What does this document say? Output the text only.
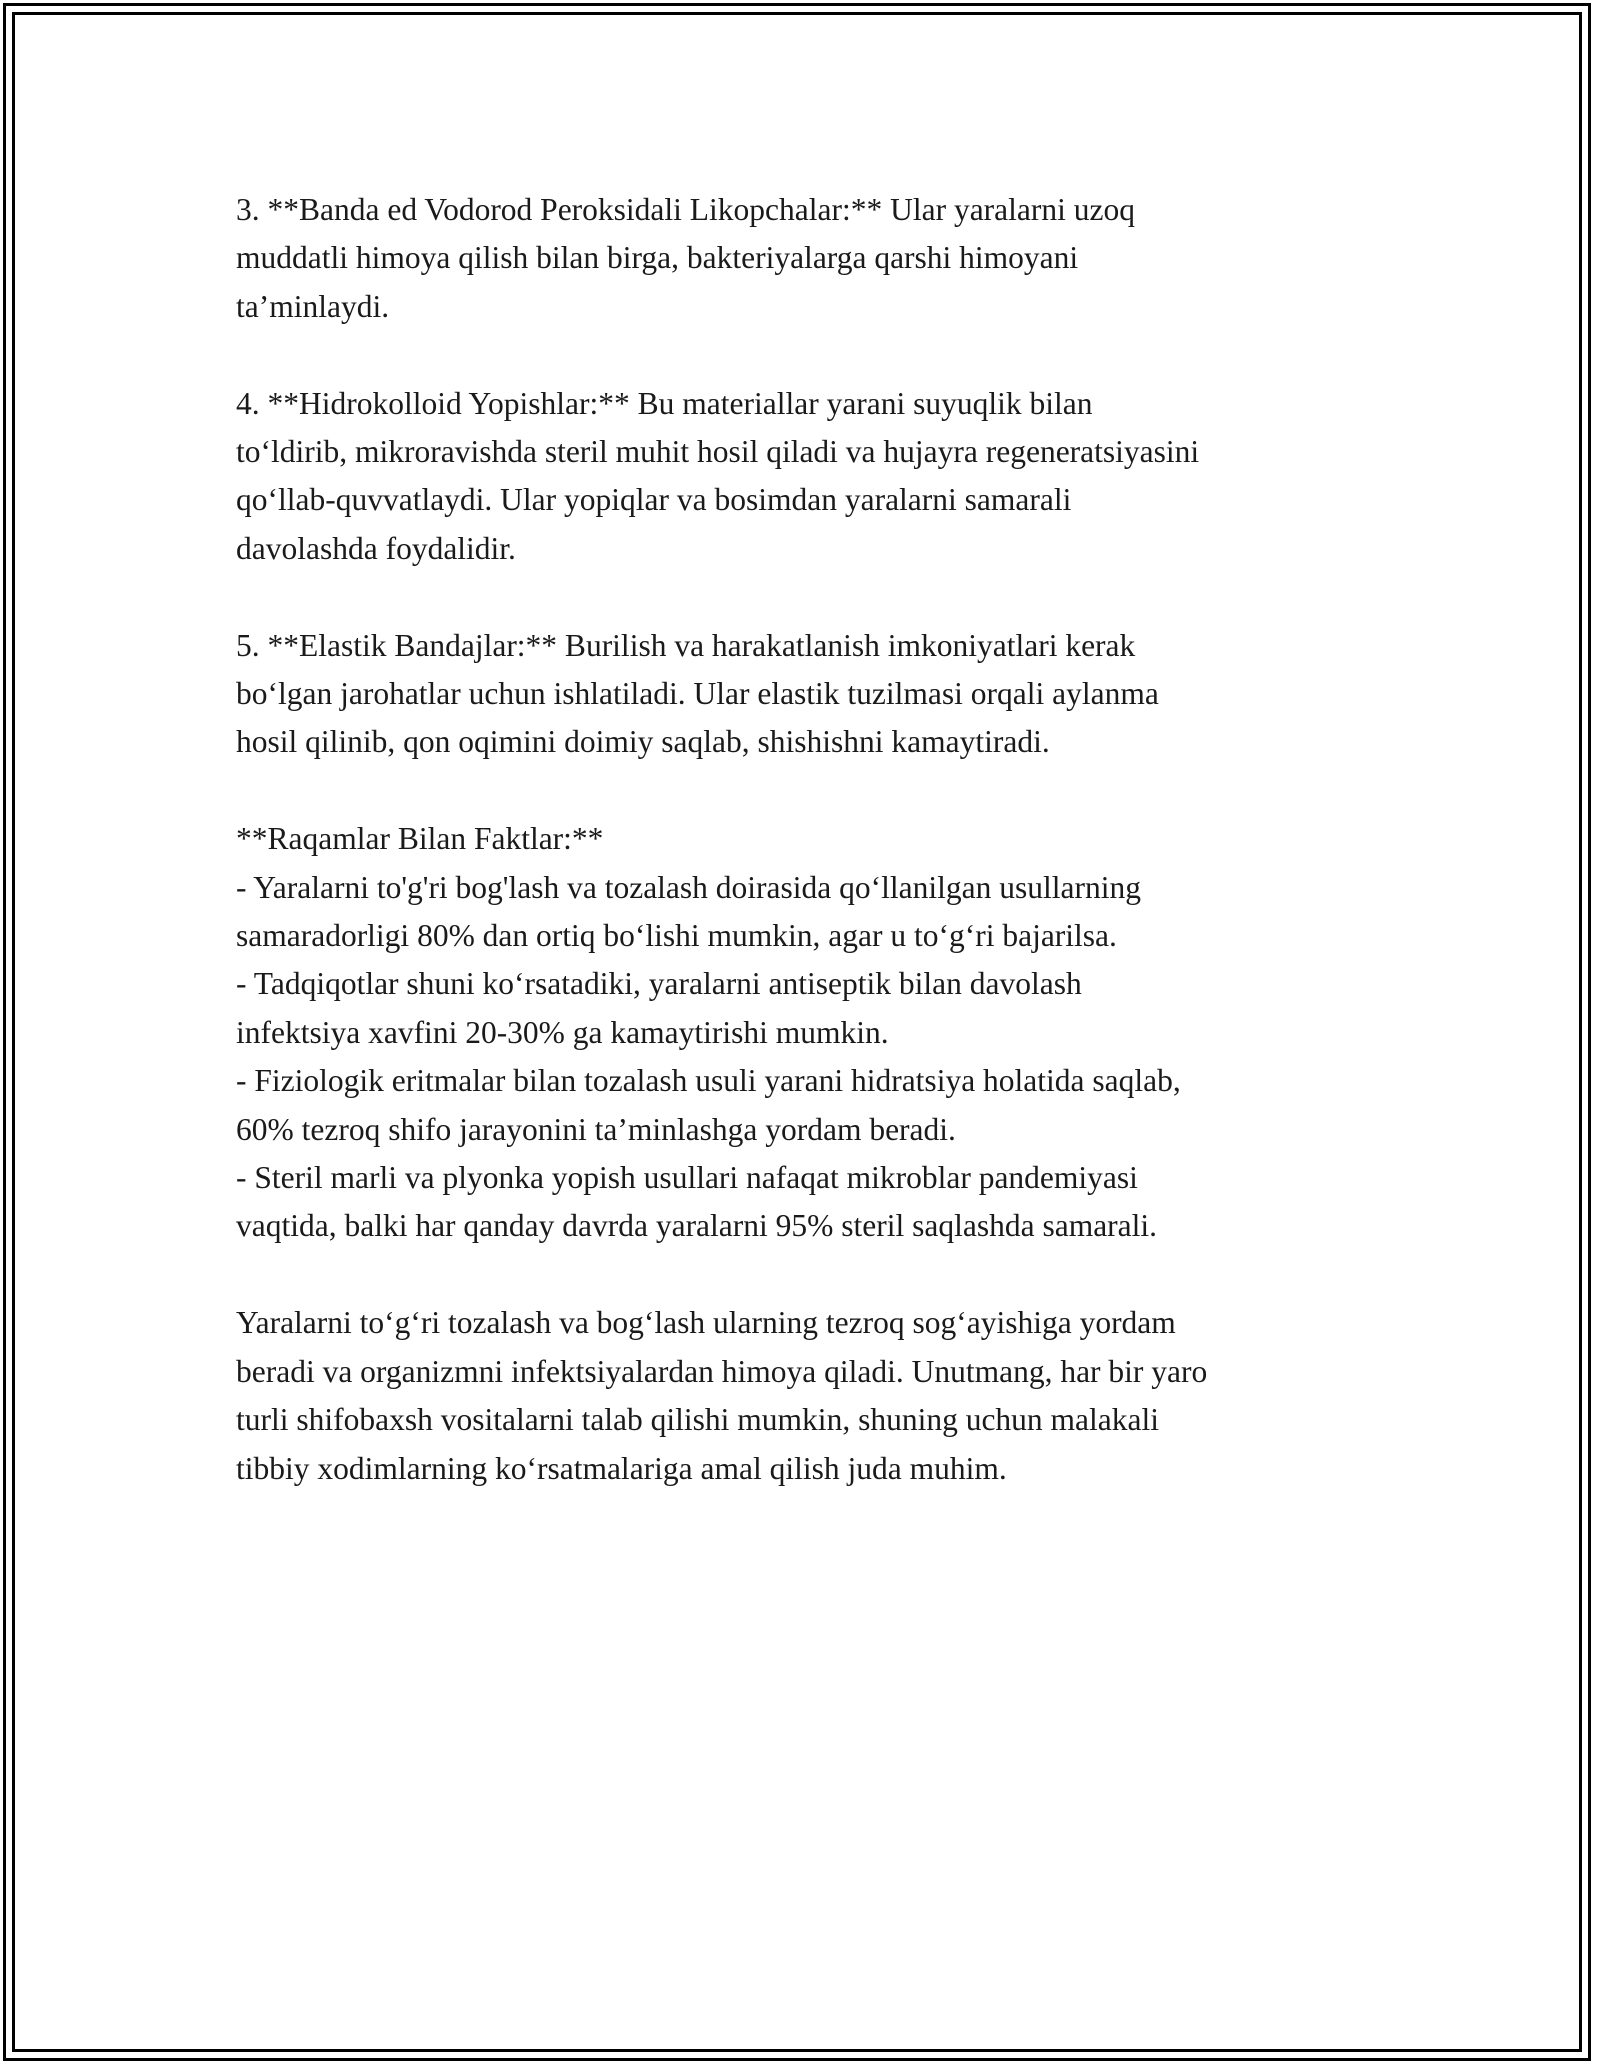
3. **Banda ed Vodorod Peroksidali Likopchalar:** Ular yaralarni uzoq
muddatli himoya qilish bilan birga, bakteriyalarga qarshi himoyani
ta’minlaydi.

4. **Hidrokolloid Yopishlar:** Bu materiallar yarani suyuqlik bilan
to‘ldirib, mikroravishda steril muhit hosil qiladi va hujayra regeneratsiyasini
qo‘llab-quvvatlaydi. Ular yopiqlar va bosimdan yaralarni samarali
davolashda foydalidir.

5. **Elastik Bandajlar:** Burilish va harakatlanish imkoniyatlari kerak
bo‘lgan jarohatlar uchun ishlatiladi. Ular elastik tuzilmasi orqali aylanma
hosil qilinib, qon oqimini doimiy saqlab, shishishni kamaytiradi.

**Raqamlar Bilan Faktlar:**
- Yaralarni to'g'ri bog'lash va tozalash doirasida qo‘llanilgan usullarning
samaradorligi 80% dan ortiq bo‘lishi mumkin, agar u to‘g‘ri bajarilsa.
- Tadqiqotlar shuni ko‘rsatadiki, yaralarni antiseptik bilan davolash
infektsiya xavfini 20-30% ga kamaytirishi mumkin.
- Fiziologik eritmalar bilan tozalash usuli yarani hidratsiya holatida saqlab,
60% tezroq shifo jarayonini ta’minlashga yordam beradi.
- Steril marli va plyonka yopish usullari nafaqat mikroblar pandemiyasi
vaqtida, balki har qanday davrda yaralarni 95% steril saqlashda samarali.

Yaralarni to‘g‘ri tozalash va bog‘lash ularning tezroq sog‘ayishiga yordam
beradi va organizmni infektsiyalardan himoya qiladi. Unutmang, har bir yaro
turli shifobaxsh vositalarni talab qilishi mumkin, shuning uchun malakali
tibbiy xodimlarning ko‘rsatmalariga amal qilish juda muhim.
